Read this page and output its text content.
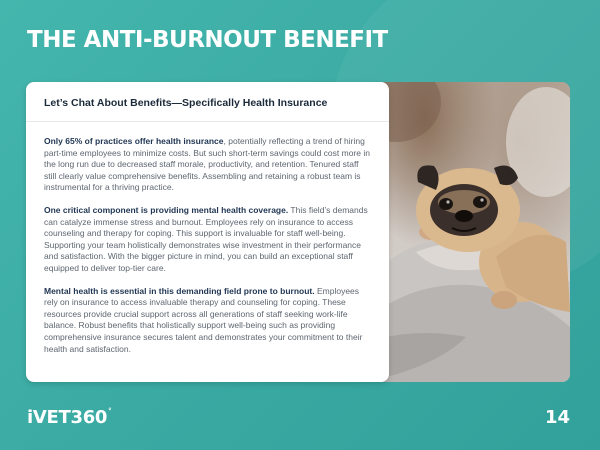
THE ANTI-BURNOUT BENEFIT
Let’s Chat About Benefits—Specifically Health Insurance

Only 65% of practices offer health insurance, potentially reflecting a trend of hiring part-time employees to minimize costs. But such short-term savings could cost more in the long run due to decreased staff morale, productivity, and retention. Tenured staff still clearly value comprehensive benefits. Assembling and retaining a robust team is instrumental for a thriving practice.

One critical component is providing mental health coverage. This field’s demands can catalyze immense stress and burnout. Employees rely on insurance to access counseling and therapy for coping. This support is invaluable for staff well-being. Supporting your team holistically demonstrates wise investment in their performance and satisfaction. With the bigger picture in mind, you can build an exceptional staff equipped to deliver top-tier care.

Mental health is essential in this demanding field prone to burnout. Employees rely on insurance to access invaluable therapy and counseling for coping. These resources provide crucial support across all generations of staff seeking work-life balance. Robust benefits that holistically support well-being such as providing comprehensive insurance secures talent and demonstrates your commitment to their health and satisfaction.

iVET360°	14
